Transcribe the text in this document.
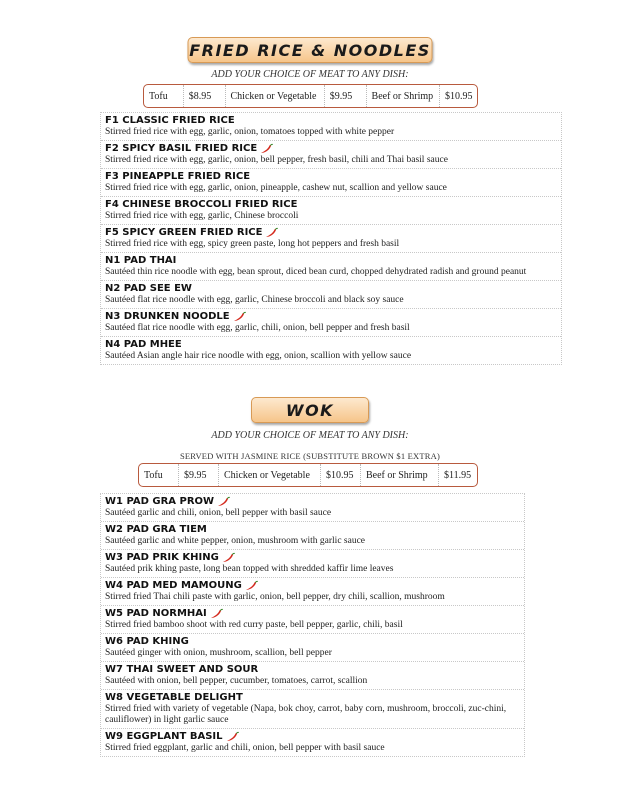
FRIED RICE & NOODLES
ADD YOUR CHOICE OF MEAT TO ANY DISH:
Tofu	$8.95	Chicken or Vegetable	$9.95	Beef or Shrimp	$10.95
F1 CLASSIC FRIED RICE
Stirred fried rice with egg, garlic, onion, tomatoes topped with white pepper
F2 SPICY BASIL FRIED RICE
Stirred fried rice with egg, garlic, onion, bell pepper, fresh basil, chili and Thai basil sauce
F3 PINEAPPLE FRIED RICE
Stirred fried rice with egg, garlic, onion, pineapple, cashew nut, scallion and yellow sauce
F4 CHINESE BROCCOLI FRIED RICE
Stirred fried rice with egg, garlic, Chinese broccoli
F5 SPICY GREEN FRIED RICE
Stirred fried rice with egg, spicy green paste, long hot peppers and fresh basil
N1 PAD THAI
Sautéed thin rice noodle with egg, bean sprout, diced bean curd, chopped dehydrated radish and ground peanut
N2 PAD SEE EW
Sautéed flat rice noodle with egg, garlic, Chinese broccoli and black soy sauce
N3 DRUNKEN NOODLE
Sautéed flat rice noodle with egg, garlic, chili, onion, bell pepper and fresh basil
N4 PAD MHEE
Sautéed Asian angle hair rice noodle with egg, onion, scallion with yellow sauce
WOK
ADD YOUR CHOICE OF MEAT TO ANY DISH:
SERVED WITH JASMINE RICE (SUBSTITUTE BROWN $1 EXTRA)
Tofu	$9.95	Chicken or Vegetable	$10.95	Beef or Shrimp	$11.95
W1 PAD GRA PROW
Sautéed garlic and chili, onion, bell pepper with basil sauce
W2 PAD GRA TIEM
Sautéed garlic and white pepper, onion, mushroom with garlic sauce
W3 PAD PRIK KHING
Sautéed prik khing paste, long bean topped with shredded kaffir lime leaves
W4 PAD MED MAMOUNG
Stirred fried Thai chili paste with garlic, onion, bell pepper, dry chili, scallion, mushroom
W5 PAD NORMHAI
Stirred fried bamboo shoot with red curry paste, bell pepper, garlic, chili, basil
W6 PAD KHING
Sautéed ginger with onion, mushroom, scallion, bell pepper
W7 THAI SWEET AND SOUR
Sautéed with onion, bell pepper, cucumber, tomatoes, carrot, scallion
W8 VEGETABLE DELIGHT
Stirred fried with variety of vegetable (Napa, bok choy, carrot, baby corn, mushroom, broccoli, zuc-chini, cauliflower) in light garlic sauce
W9 EGGPLANT BASIL
Stirred fried eggplant, garlic and chili, onion, bell pepper with basil sauce
